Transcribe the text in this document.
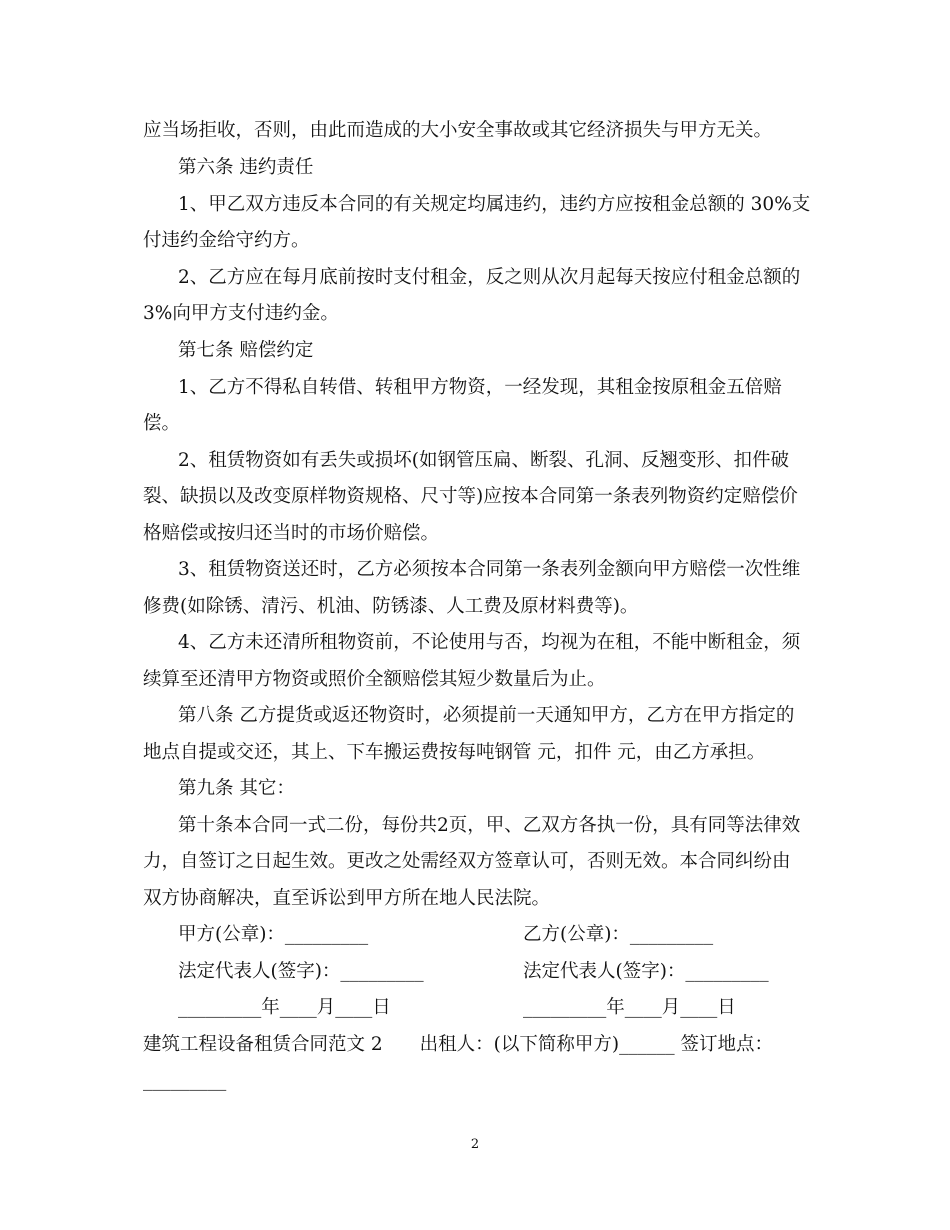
应当场拒收，否则，由此而造成的大小安全事故或其它经济损失与甲方无关。
第六条 违约责任
1、甲乙双方违反本合同的有关规定均属违约，违约方应按租金总额的 30%支
付违约金给守约方。
2、乙方应在每月底前按时支付租金，反之则从次月起每天按应付租金总额的
3%向甲方支付违约金。
第七条 赔偿约定
1、乙方不得私自转借、转租甲方物资，一经发现，其租金按原租金五倍赔
偿。
2、租赁物资如有丢失或损坏(如钢管压扁、断裂、孔洞、反翘变形、扣件破
裂、缺损以及改变原样物资规格、尺寸等)应按本合同第一条表列物资约定赔偿价
格赔偿或按归还当时的市场价赔偿。
3、租赁物资送还时，乙方必须按本合同第一条表列金额向甲方赔偿一次性维
修费(如除锈、清污、机油、防锈漆、人工费及原材料费等)。
4、乙方未还清所租物资前，不论使用与否，均视为在租，不能中断租金，须
续算至还清甲方物资或照价全额赔偿其短少数量后为止。
第八条 乙方提货或返还物资时，必须提前一天通知甲方，乙方在甲方指定的
地点自提或交还，其上、下车搬运费按每吨钢管 元，扣件 元，由乙方承担。
第九条 其它：
第十条本合同一式二份，每份共2页，甲、乙双方各执一份，具有同等法律效
力，自签订之日起生效。更改之处需经双方签章认可，否则无效。本合同纠纷由
双方协商解决，直至诉讼到甲方所在地人民法院。
甲方(公章)：_________	乙方(公章)：_________
法定代表人(签字)：_________	法定代表人(签字)：_________
_________年____月____日	_________年____月____日
建筑工程设备租赁合同范文 2　　出租人：(以下简称甲方)______ 签订地点：
_________
2
